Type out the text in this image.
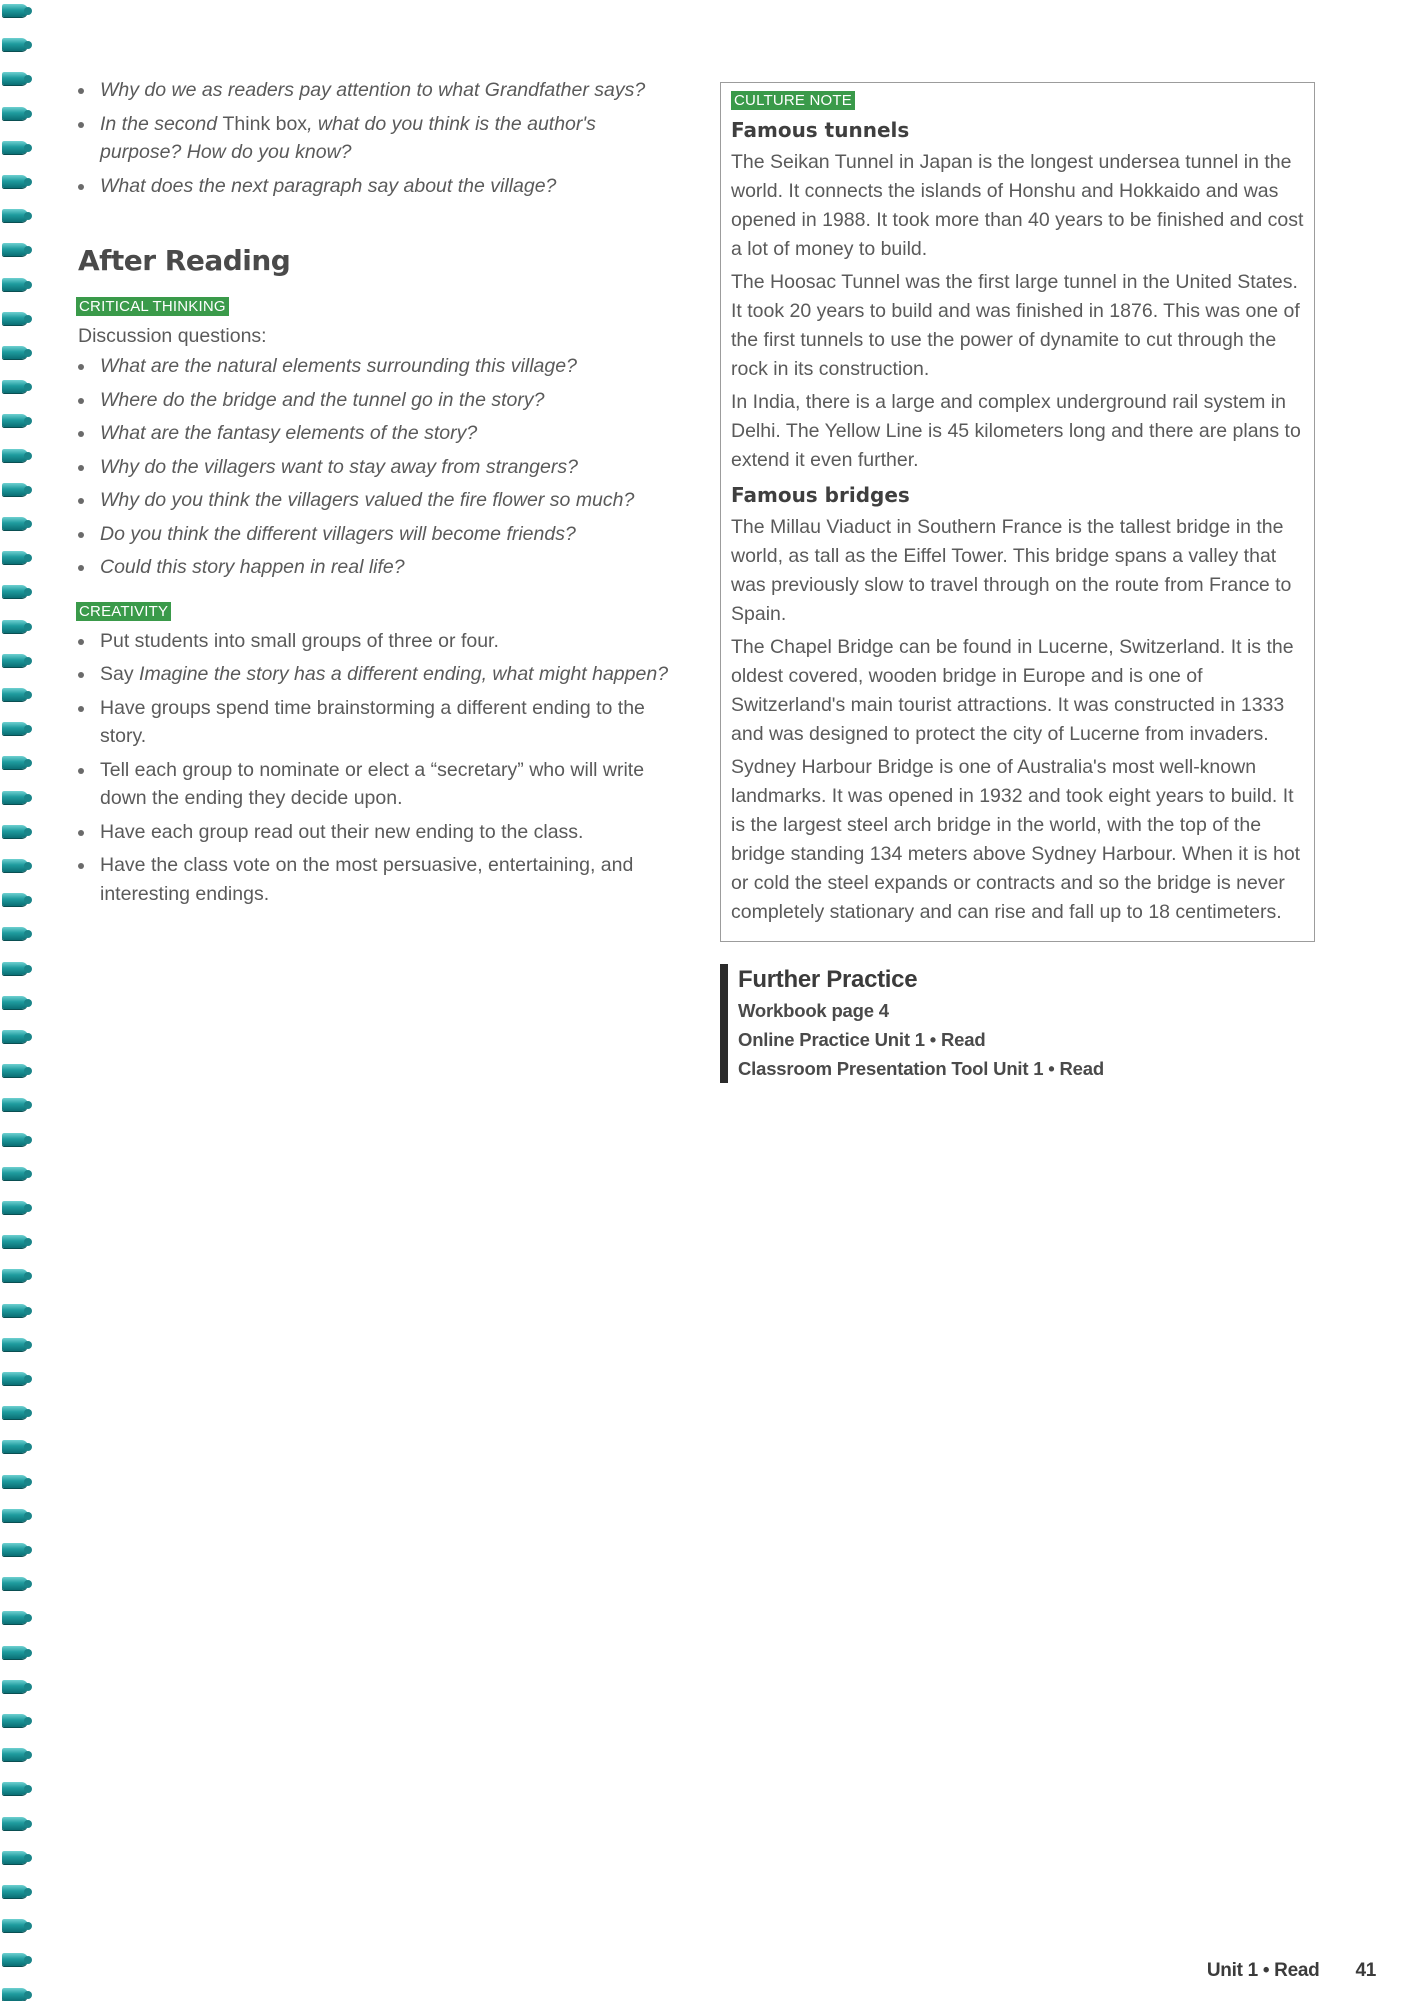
Why do we as readers pay attention to what Grandfather says?
In the second Think box, what do you think is the author's purpose? How do you know?
What does the next paragraph say about the village?
After Reading
CRITICAL THINKING
Discussion questions:
What are the natural elements surrounding this village?
Where do the bridge and the tunnel go in the story?
What are the fantasy elements of the story?
Why do the villagers want to stay away from strangers?
Why do you think the villagers valued the fire flower so much?
Do you think the different villagers will become friends?
Could this story happen in real life?
CREATIVITY
Put students into small groups of three or four.
Say Imagine the story has a different ending, what might happen?
Have groups spend time brainstorming a different ending to the story.
Tell each group to nominate or elect a “secretary” who will write down the ending they decide upon.
Have each group read out their new ending to the class.
Have the class vote on the most persuasive, entertaining, and interesting endings.
CULTURE NOTE
Famous tunnels

The Seikan Tunnel in Japan is the longest undersea tunnel in the world. It connects the islands of Honshu and Hokkaido and was opened in 1988. It took more than 40 years to be finished and cost a lot of money to build.

The Hoosac Tunnel was the first large tunnel in the United States. It took 20 years to build and was finished in 1876. This was one of the first tunnels to use the power of dynamite to cut through the rock in its construction.

In India, there is a large and complex underground rail system in Delhi. The Yellow Line is 45 kilometers long and there are plans to extend it even further.

Famous bridges

The Millau Viaduct in Southern France is the tallest bridge in the world, as tall as the Eiffel Tower. This bridge spans a valley that was previously slow to travel through on the route from France to Spain.

The Chapel Bridge can be found in Lucerne, Switzerland. It is the oldest covered, wooden bridge in Europe and is one of Switzerland's main tourist attractions. It was constructed in 1333 and was designed to protect the city of Lucerne from invaders.

Sydney Harbour Bridge is one of Australia's most well-known landmarks. It was opened in 1932 and took eight years to build. It is the largest steel arch bridge in the world, with the top of the bridge standing 134 meters above Sydney Harbour. When it is hot or cold the steel expands or contracts and so the bridge is never completely stationary and can rise and fall up to 18 centimeters.

Further Practice
Workbook page 4
Online Practice Unit 1 • Read
Classroom Presentation Tool Unit 1 • Read
Unit 1 • Read 41
